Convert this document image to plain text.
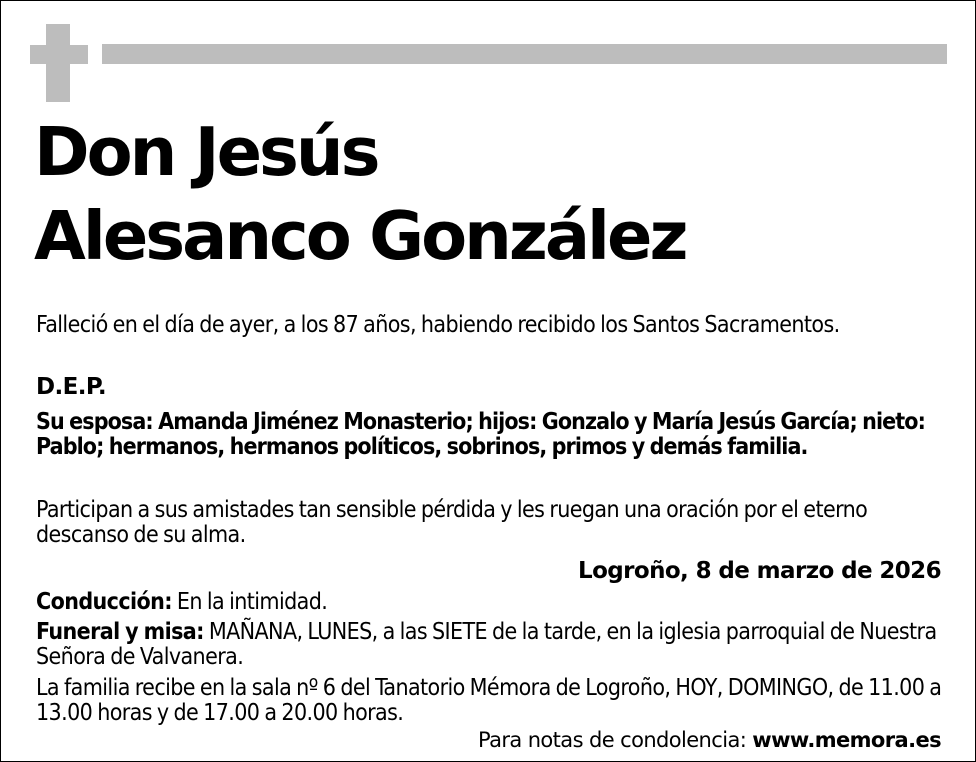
Don Jesús
Alesanco González

Falleció en el día de ayer, a los 87 años, habiendo recibido los Santos Sacramentos.

D.E.P.

Su esposa: Amanda Jiménez Monasterio; hijos: Gonzalo y María Jesús García; nieto: Pablo; hermanos, hermanos políticos, sobrinos, primos y demás familia.

Participan a sus amistades tan sensible pérdida y les ruegan una oración por el eterno descanso de su alma.

Logroño, 8 de marzo de 2026

Conducción: En la intimidad.

Funeral y misa: MAÑANA, LUNES, a las SIETE de la tarde, en la iglesia parroquial de Nuestra Señora de Valvanera.

La familia recibe en la sala nº 6 del Tanatorio Mémora de Logroño, HOY, DOMINGO, de 11.00 a 13.00 horas y de 17.00 a 20.00 horas.

Para notas de condolencia: www.memora.es
